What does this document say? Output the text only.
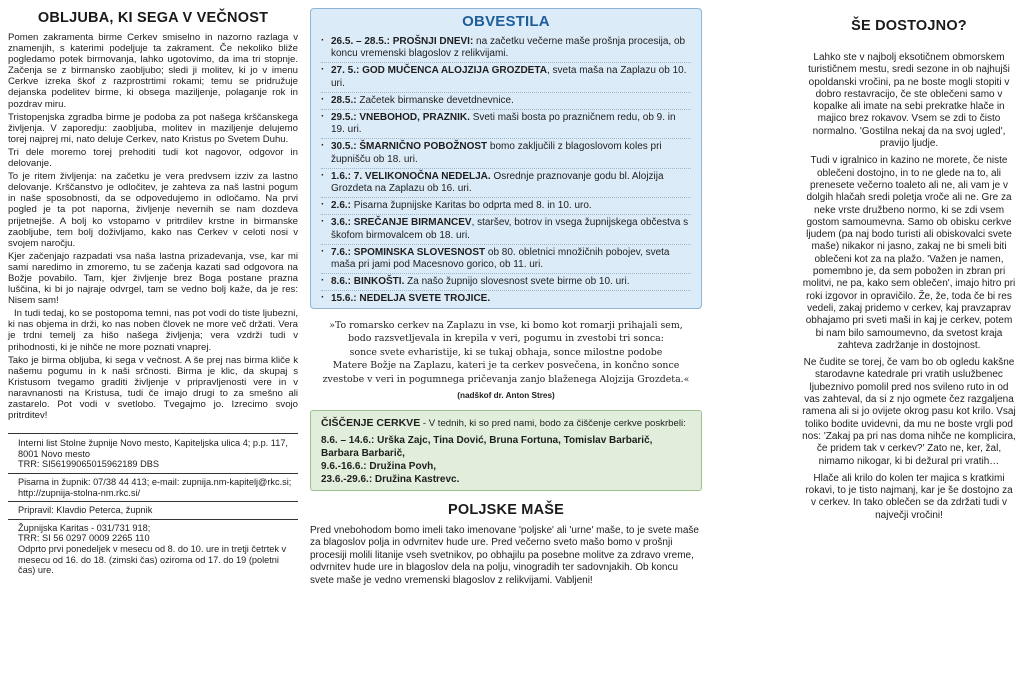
OBLJUBA, KI SEGA V VEČNOST

Pomen zakramenta birme Cerkev smiselno in nazorno razlaga v znamenjih, s katerimi podeljuje ta zakrament. Če nekoliko bliže pogledamo potek birmovanja, lahko ugotovimo, da ima tri stopnje. Začenja se z birmansko zaobljubo; sledi ji molitev, ki jo v imenu Cerkve izreka škof z razprostrtimi rokami; temu se pridružuje dejanska podelitev birme, ki obsega maziljenje, polaganje rok in pozdrav miru.

Tristopenjska zgradba birme je podoba za pot našega krščanskega življenja. V zaporedju: zaobljuba, molitev in maziljenje delujemo torej najprej mi, nato deluje Cerkev, nato Kristus po Svetem Duhu.

Tri dele moremo torej prehoditi tudi kot nagovor, odgovor in delovanje.

To je ritem življenja: na začetku je vera predvsem izziv za lastno delovanje. Krščanstvo je odločitev, je zahteva za naš lastni pogum in naše sposobnosti, da se odpovedujemo in odločamo. Na prvi pogled je ta pot naporna, življenje nevernih se nam dozdeva prijetnejše. A bolj ko vstopamo v pritrdilev krstne in birmanske zaobljube, tem bolj doživljamo, kako nas Cerkev v celoti nosi v svojem naročju.

Kjer začenjajo razpadati vsa naša lastna prizadevanja, vse, kar mi sami naredimo in zmoremo, tu se začenja kazati sad odgovora na Božje povabilo. Tam, kjer življenje brez Boga postane prazna luščina, ki bi jo najraje odvrgel, tam se vedno bolj kaže, da je res: Nisem sam!

In tudi tedaj, ko se postopoma temni, nas pot vodi do tiste ljubezni, ki nas objema in drži, ko nas noben človek ne more več držati. Vera je trdni temelj za hišo našega življenja; vera vzdrži tudi v prihodnosti, ki je nihče ne more poznati vnaprej.

Tako je birma obljuba, ki sega v večnost. A še prej nas birma kliče k našemu pogumu in k naši srčnosti. Birma je klic, da skupaj s Kristusom tvegamo graditi življenje v pripravljenosti vere in v naravnanosti na Kristusa, tudi če imajo drugi to za smešno ali zastarelo. Pot vodi v svetlobo. Tvegajmo jo. Izrecimo svojo pritrditev!

Interni list Stolne župnije Novo mesto, Kapiteljska ulica 4; p.p. 117, 8001 Novo mesto

TRR: SI56199065015962189 DBS

Pisarna in župnik: 07/38 44 413; e-mail: zupnija.nm-kapitelj@rkc.si; http://zupnija-stolna-nm.rkc.si/

Pripravil: Klavdio Peterca, župnik

Župnijska Karitas - 031/731 918;

TRR: SI 56 0297 0009 2265 110

Odprto prvi ponedeljek v mesecu od 8. do 10. ure in tretji četrtek v mesecu od 16. do 18. (zimski čas) oziroma od 17. do 19 (poletni čas) ure.

OBVESTILA
· 26.5. – 28.5.: PROŠNJI DNEVI: na začetku večerne maše prošnja procesija, ob koncu vremenski blagoslov z relikvijami.
· 27. 5.: GOD MUČENCA ALOJZIJA GROZDETA, sveta maša na Zaplazu ob 10. uri.
· 28.5.: Začetek birmanske devetdnevnice.
· 29.5.: VNEBOHOD, PRAZNIK. Sveti maši bosta po prazničnem redu, ob 9. in 19. uri.
· 30.5.: ŠMARNIČNO POBOŽNOST bomo zaključili z blagoslovom koles pri župnišču ob 18. uri.
· 1.6.: 7. VELIKONOČNA NEDELJA. Osrednje praznovanje godu bl. Alojzija Grozdeta na Zaplazu ob 16. uri.
· 2.6.: Pisarna župnijske Karitas bo odprta med 8. in 10. uro.
· 3.6.: SREČANJE BIRMANCEV, staršev, botrov in vsega župnijskega občestva s škofom birmovalcem ob 18. uri.
· 7.6.: SPOMINSKA SLOVESNOST ob 80. obletnici množičnih pobojev, sveta maša pri jami pod Macesnovo gorico, ob 11. uri.
· 8.6.: BINKOŠTI. Za našo župnijo slovesnost svete birme ob 10. uri.
· 15.6.: NEDELJA SVETE TROJICE.

»To romarsko cerkev na Zaplazu in vse, ki bomo kot romarji prihajali sem,

bodo razsvetljevala in krepila v veri, pogumu in zvestobi tri sonca:

sonce svete evharistije, ki se tukaj obhaja, sonce milostne podobe

Matere Božje na Zaplazu, kateri je ta cerkev posvečena, in končno sonce

zvestobe v veri in pogumnega pričevanja zanjo blaženega Alojzija Grozdeta.«

(nadškof dr. Anton Stres)

ČIŠČENJE CERKVE - V tednih, ki so pred nami, bodo za čiščenje cerkve poskrbeli:
8.6. – 14.6.: Urška Zajc, Tina Dović, Bruna Fortuna, Tomislav Barbarič, Barbara Barbarič,
9.6.-16.6.: Družina Povh,
23.6.-29.6.: Družina Kastrevc.
POLJSKE MAŠE

Pred vnebohodom bomo imeli tako imenovane 'poljske' ali 'urne' maše, to je svete maše za blagoslov polja in odvrnitev hude ure. Pred večerno sveto mašo bomo v prošnji procesiji molili litanije vseh svetnikov, po obhajilu pa posebne molitve za zdravo vreme, odvrnitev hude ure in blagoslov dela na polju, vinogradih ter sadovnjakih. Ob koncu svete maše je vedno vremenski blagoslov z relikvijami. Vabljeni!

ŠE DOSTOJNO?

Lahko ste v najbolj eksotičnem obmorskem turističnem mestu, sredi sezone in ob najhujši opoldanski vročini, pa ne boste mogli stopiti v dobro restavracijo, če ste oblečeni samo v kopalke ali imate na sebi prekratke hlače in majico brez rokavov. Vsem se zdi to čisto normalno. 'Gostilna nekaj da na svoj ugled', pravijo ljudje.

Tudi v igralnico in kazino ne morete, če niste oblečeni dostojno, in to ne glede na to, ali prenesete večerno toaleto ali ne, ali vam je v dolgih hlačah sredi poletja vroče ali ne. Gre za neke vrste družbeno normo, ki se zdi vsem gostom samoumevna. Samo ob obisku cerkve ljudem (pa naj bodo turisti ali obiskovalci svete maše) nikakor ni jasno, zakaj ne bi smeli biti oblečeni kot za na plažo. 'Važen je namen, pomembno je, da sem pobožen in zbran pri molitvi, ne pa, kako sem oblečen', imajo hitro pri roki izgovor in opravičilo. Že, že, toda če bi res vedeli, zakaj pridemo v cerkev, kaj pravzaprav obhajamo pri sveti maši in kaj je cerkev, potem bi nam bilo samoumevno, da svetost kraja zahteva zadržanje in dostojnost.

Ne čudite se torej, če vam bo ob ogledu kakšne starodavne katedrale pri vratih uslužbenec ljubeznivo pomolil pred nos svileno ruto in od vas zahteval, da si z njo ogmete čez razgaljena ramena ali si jo ovijete okrog pasu kot krilo. Vsaj toliko bodite uvidevni, da mu ne boste vrgli pod nos: 'Zakaj pa pri nas doma nihče ne komplicira, če pridem tak v cerkev?' Zato ne, ker, žal, nimamo nikogar, ki bi dežural pri vratih…

Hlače ali krilo do kolen ter majica s kratkimi rokavi, to je tisto najmanj, kar je še dostojno za v cerkev. In tako oblečen se da zdržati tudi v največji vročini!
